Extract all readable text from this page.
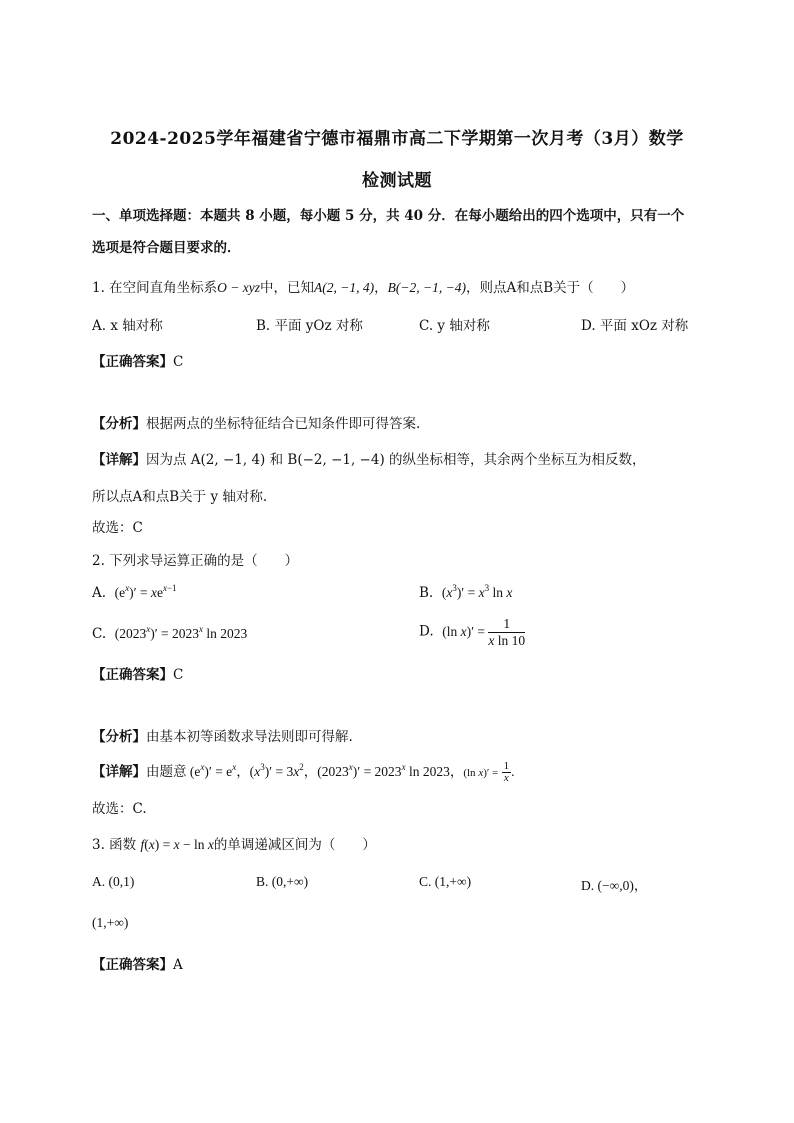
2024-2025学年福建省宁德市福鼎市高二下学期第一次月考（3月）数学
检测试题
一、单项选择题：本题共 8 小题，每小题 5 分，共 40 分．在每小题给出的四个选项中，只有一个
选项是符合题目要求的．
1. 在空间直角坐标系O − xyz中，已知A(2, −1, 4)，B(−2, −1, −4)，则点A和点B关于（　　）
A. x 轴对称	B. 平面 yOz 对称	C. y 轴对称	D. 平面 xOz 对称
【正确答案】C
【分析】根据两点的坐标特征结合已知条件即可得答案.
【详解】因为点 A(2, −1, 4) 和 B(−2, −1, −4) 的纵坐标相等，其余两个坐标互为相反数，
所以点A和点B关于 y 轴对称.
故选：C
2. 下列求导运算正确的是（　　）
A. $(e^x)' = xe^{x-1}$	B. $(x^3)' = x^3$ ln x
C. $(2023^x)' = 2023^x$ ln 2023	D. (ln $x)' = \frac{1}{\text{x ln 10}}$
【正确答案】C
【分析】由基本初等函数求导法则即可得解.
【详解】由题意 $(e^x)' = e^x$，$(x^3)' = 3x^2$，$(2023^x)' = 2023^x$ ln 2023，(ln $x)' = \frac{1}{x}$ .
故选：C.
3. 函数 f(x) = x − ln x的单调递减区间为（　　）
A. (0,1)	B. (0,+∞)	C. (1,+∞)	D. (−∞,0)，
(1,+∞)
【正确答案】A
